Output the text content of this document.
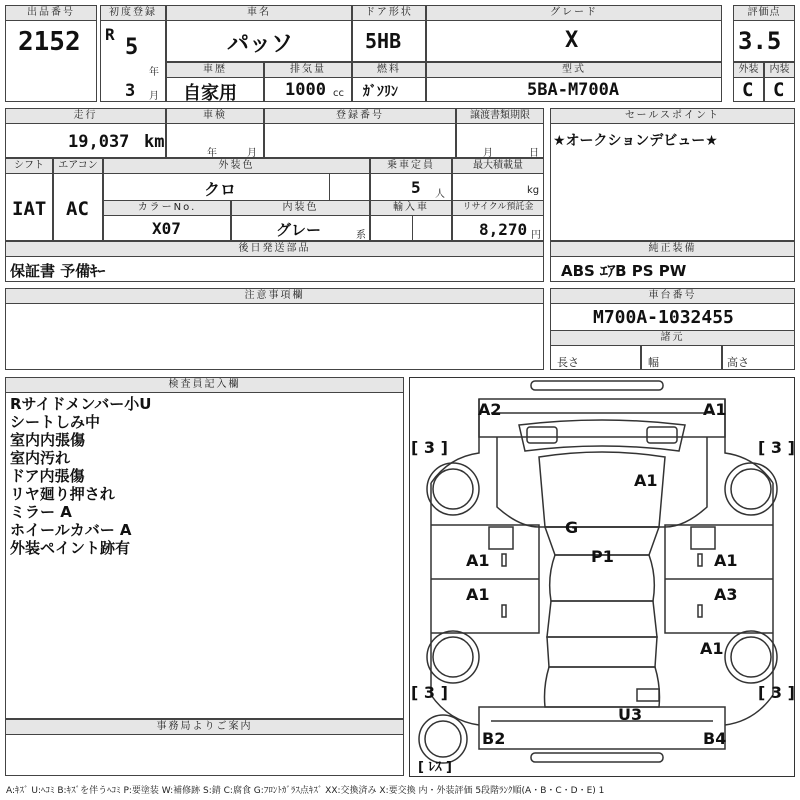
出品番号
2152
初度登録
R
5
年
3 月
車名
パッソ
ドア形状
5HB
グレード
X
評価点
3.5
車歴
自家用
排気量
1000 cc
燃料
ｶﾞｿﾘﾝ
型式
5BA-M700A
外装
C
内装
C
走行
19,037 km
車検
年	月
登録番号	譲渡書類期限
月	日
シフト
IAT
エアコン
AC
外装色
クロ
乗車定員
5 人
最大積載量
kg
カラーNo.
X07
内装色
グレー	系
輸入車	リサイクル預託金
8,270 円
後日発送部品
保証書 予備ｷｰ
セールスポイント
★オークションデビュー★
純正装備
ABS ｴｱB PS PW
注意事項欄	車台番号
M700A-1032455
諸元
長さ	幅	高さ
検査員記入欄
Rサイドメンバー小U
シートしみ中
室内内張傷
室内汚れ
ドア内張傷
リヤ廻り押され
ミラー A
ホイールカバー A
外装ペイント跡有
事務局よりご案内
A2	A1
A1
G
P1
A1
A1
A1
A3
A1
U3
B2	B4
[ 3 ]	[ 3 ]
[ 3 ]	[ 3 ]
[ ﾚｽ ]
A:ｷｽﾞ U:ﾍｺﾐ B:ｷｽﾞを伴うﾍｺﾐ P:要塗装 W:補修跡 S:錆 C:腐食 G:ﾌﾛﾝﾄｶﾞﾗｽ点ｷｽﾞ XX:交換済み X:要交換 内・外装評価 5段階ﾗﾝｸ順(A・B・C・D・E) 1
